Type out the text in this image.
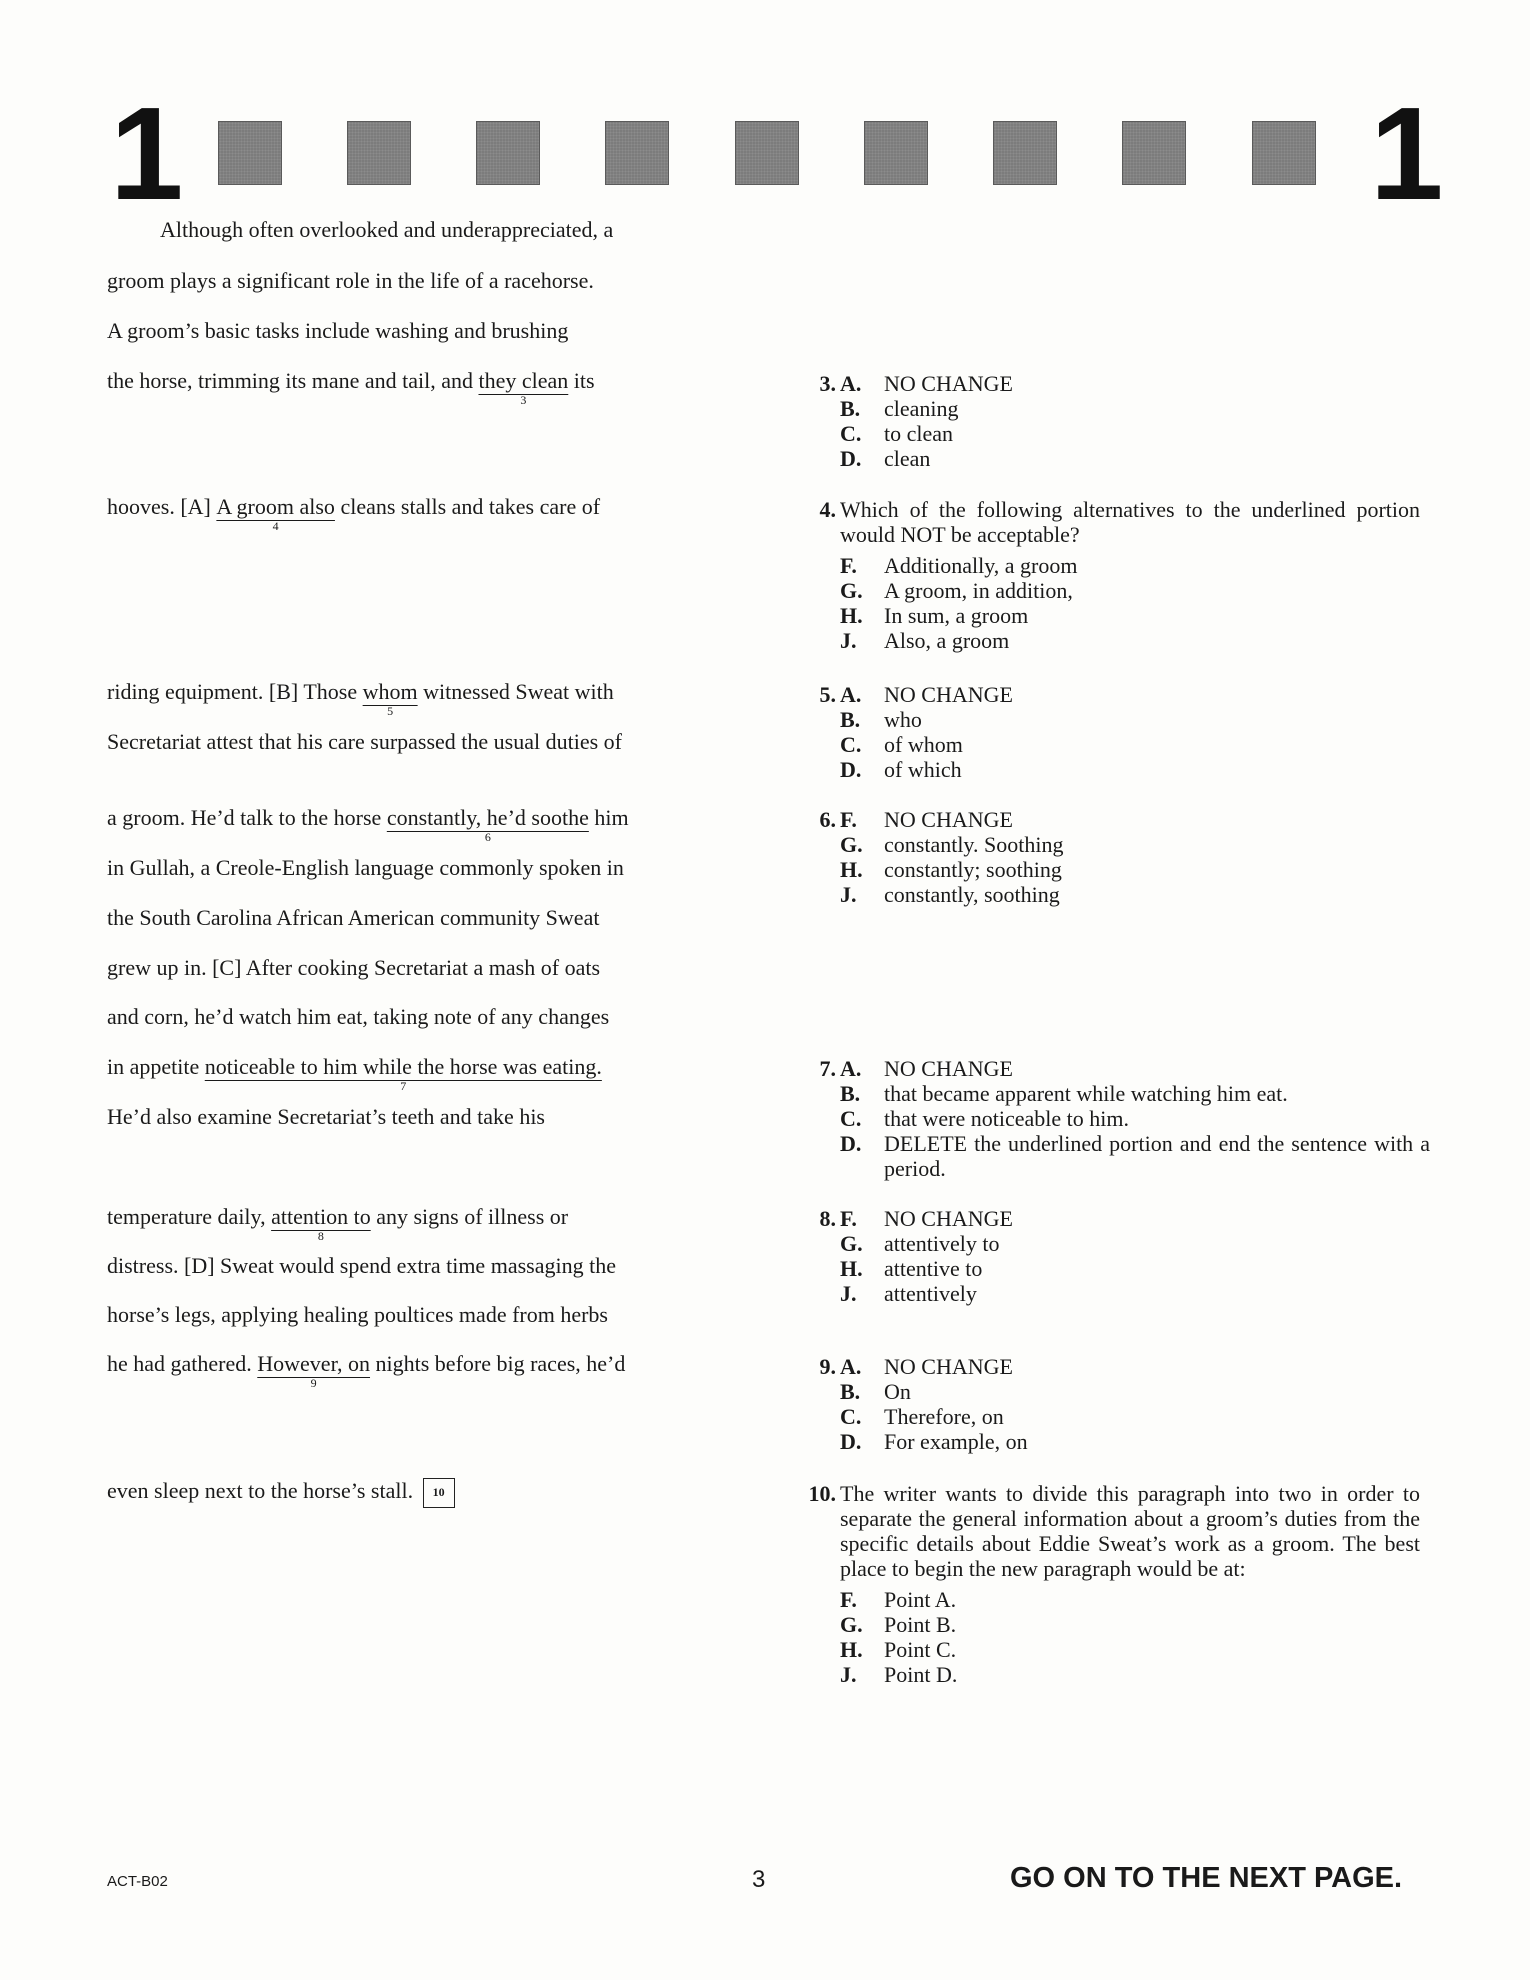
1	1
Although often overlooked and underappreciated, a
groom plays a significant role in the life of a racehorse.
A groom’s basic tasks include washing and brushing
the horse, trimming its mane and tail, and they clean
3
its
hooves. [A] A groom also
4
cleans stalls and takes care of
riding equipment. [B] Those whom
5
witnessed Sweat with
Secretariat attest that his care surpassed the usual duties of
a groom. He’d talk to the horse constantly, he’d soothe
6
him
in Gullah, a Creole-English language commonly spoken in
the South Carolina African American community Sweat
grew up in. [C] After cooking Secretariat a mash of oats
and corn, he’d watch him eat, taking note of any changes
in appetite noticeable to him while the horse was eating.
7
He’d also examine Secretariat’s teeth and take his
temperature daily, attention to
8
any signs of illness or
distress. [D] Sweat would spend extra time massaging the
horse’s legs, applying healing poultices made from herbs
he had gathered. However, on
9
nights before big races, he’d
even sleep next to the horse’s stall. 10
3. A.	NO CHANGE
B.	cleaning
C.	to clean
D.	clean
4. Which of the following alternatives to the underlined portion would NOT be acceptable?
F.	Additionally, a groom
G. A groom, in addition,
H. In sum, a groom
J.	Also, a groom
5. A.	NO CHANGE
B.	who
C.	of whom
D.	of which
6. F.	NO CHANGE
G. constantly. Soothing
H. constantly; soothing
J.	constantly, soothing
7. A.	NO CHANGE
B.	that became apparent while watching him eat.
C.	that were noticeable to him.
D.	DELETE the underlined portion and end the sentence with a period.
8. F.	NO CHANGE
G. attentively to
H. attentive to
J.	attentively
9. A.	NO CHANGE
B.	On
C.	Therefore, on
D.	For example, on
10. The writer wants to divide this paragraph into two in order to separate the general information about a groom’s duties from the specific details about Eddie Sweat’s work as a groom. The best place to begin the new paragraph would be at:
F.	Point A.
G. Point B.
H. Point C.
J.	Point D.
ACT-B02	3	GO ON TO THE NEXT PAGE.
